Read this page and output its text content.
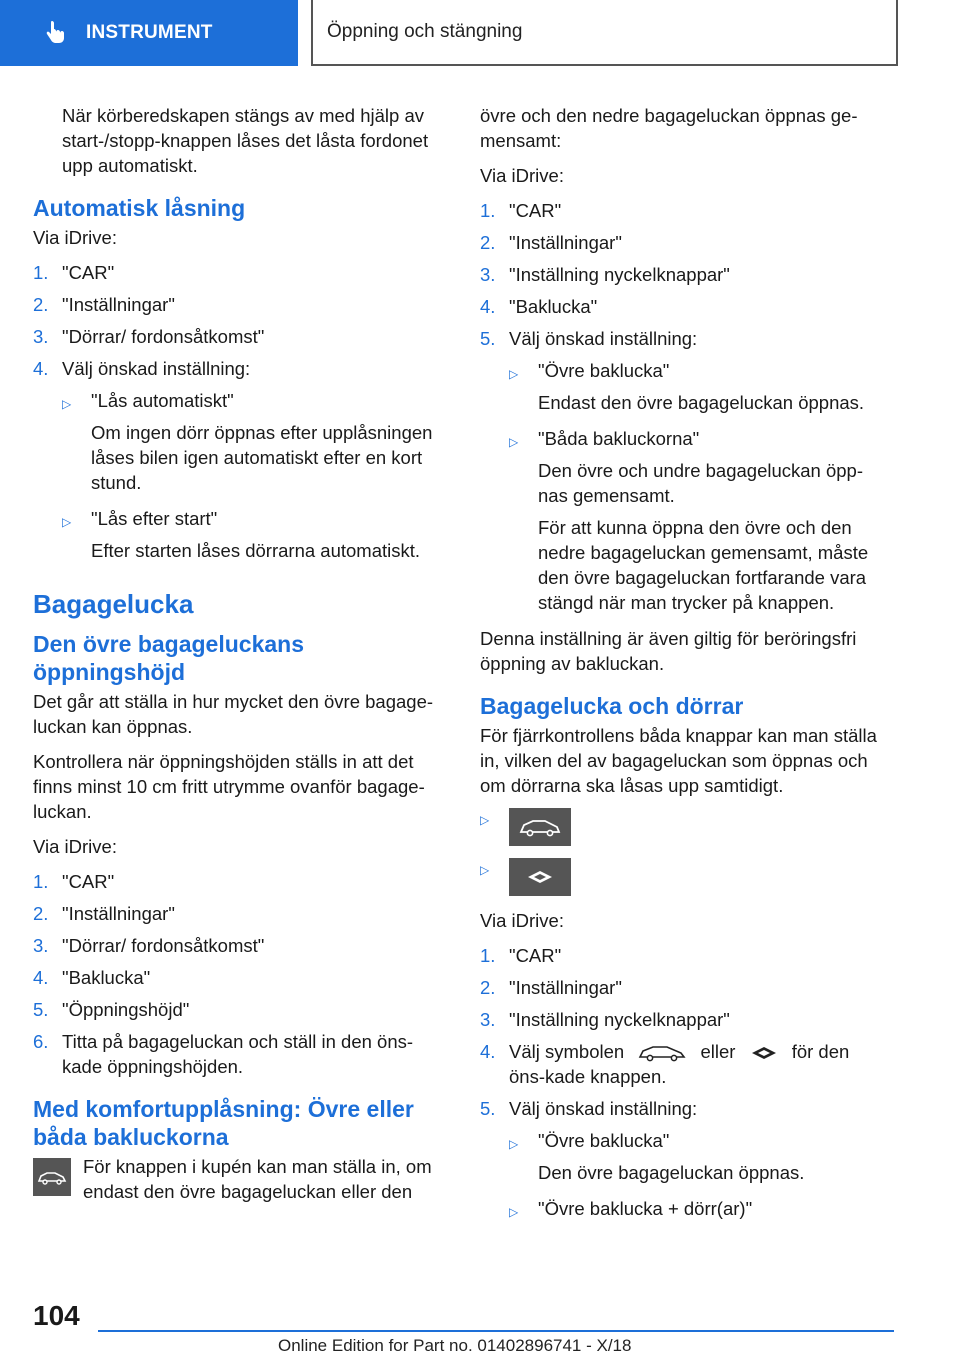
INSTRUMENT	Öppning och stängning

När körberedskapen stängs av med hjälp av start-/stopp-knappen låses det låsta fordonet upp automatiskt.

Automatisk låsning

Via iDrive:

1. "CAR"
2. "Inställningar"
3. "Dörrar/ fordonsåtkomst"
4. Välj önskad inställning:
▷	"Lås automatiskt"
Om ingen dörr öppnas efter upplåsningen låses bilen igen automatiskt efter en kort stund.
▷	"Lås efter start"
Efter starten låses dörrarna automatiskt.
Bagagelucka
Den övre bagageluckans öppningshöjd

Det går att ställa in hur mycket den övre bagage-luckan kan öppnas.

Kontrollera när öppningshöjden ställs in att det finns minst 10 cm fritt utrymme ovanför bagage-luckan.

Via iDrive:

1. "CAR"
2. "Inställningar"
3. "Dörrar/ fordonsåtkomst"
4. "Baklucka"
5. "Öppningshöjd"
6. Titta på bagageluckan och ställ in den öns-kade öppningshöjden.
Med komfortupplåsning: Övre eller båda bakluckorna
För knappen i kupén kan man ställa in, om endast den övre bagageluckan eller den

övre och den nedre bagageluckan öppnas ge-mensamt:

Via iDrive:

1. "CAR"
2. "Inställningar"
3. "Inställning nyckelknappar"
4. "Baklucka"
5. Välj önskad inställning:
▷	"Övre baklucka"
Endast den övre bagageluckan öppnas.
▷	"Båda bakluckorna"
Den övre och undre bagageluckan öpp-nas gemensamt.
För att kunna öppna den övre och den nedre bagageluckan gemensamt, måste den övre bagageluckan fortfarande vara stängd när man trycker på knappen.

Denna inställning är även giltig för beröringsfri öppning av bakluckan.

Bagagelucka och dörrar

För fjärrkontrollens båda knappar kan man ställa in, vilken del av bagageluckan som öppnas och om dörrarna ska låsas upp samtidigt.

▷
▷

Via iDrive:

1. "CAR"
2. "Inställningar"
3. "Inställning nyckelknappar"
4. Välj symbolen	eller	för den öns-kade knappen.
5. Välj önskad inställning:
▷	"Övre baklucka"
Den övre bagageluckan öppnas.
▷	"Övre baklucka + dörr(ar)"
104
Online Edition for Part no. 01402896741 - X/18
